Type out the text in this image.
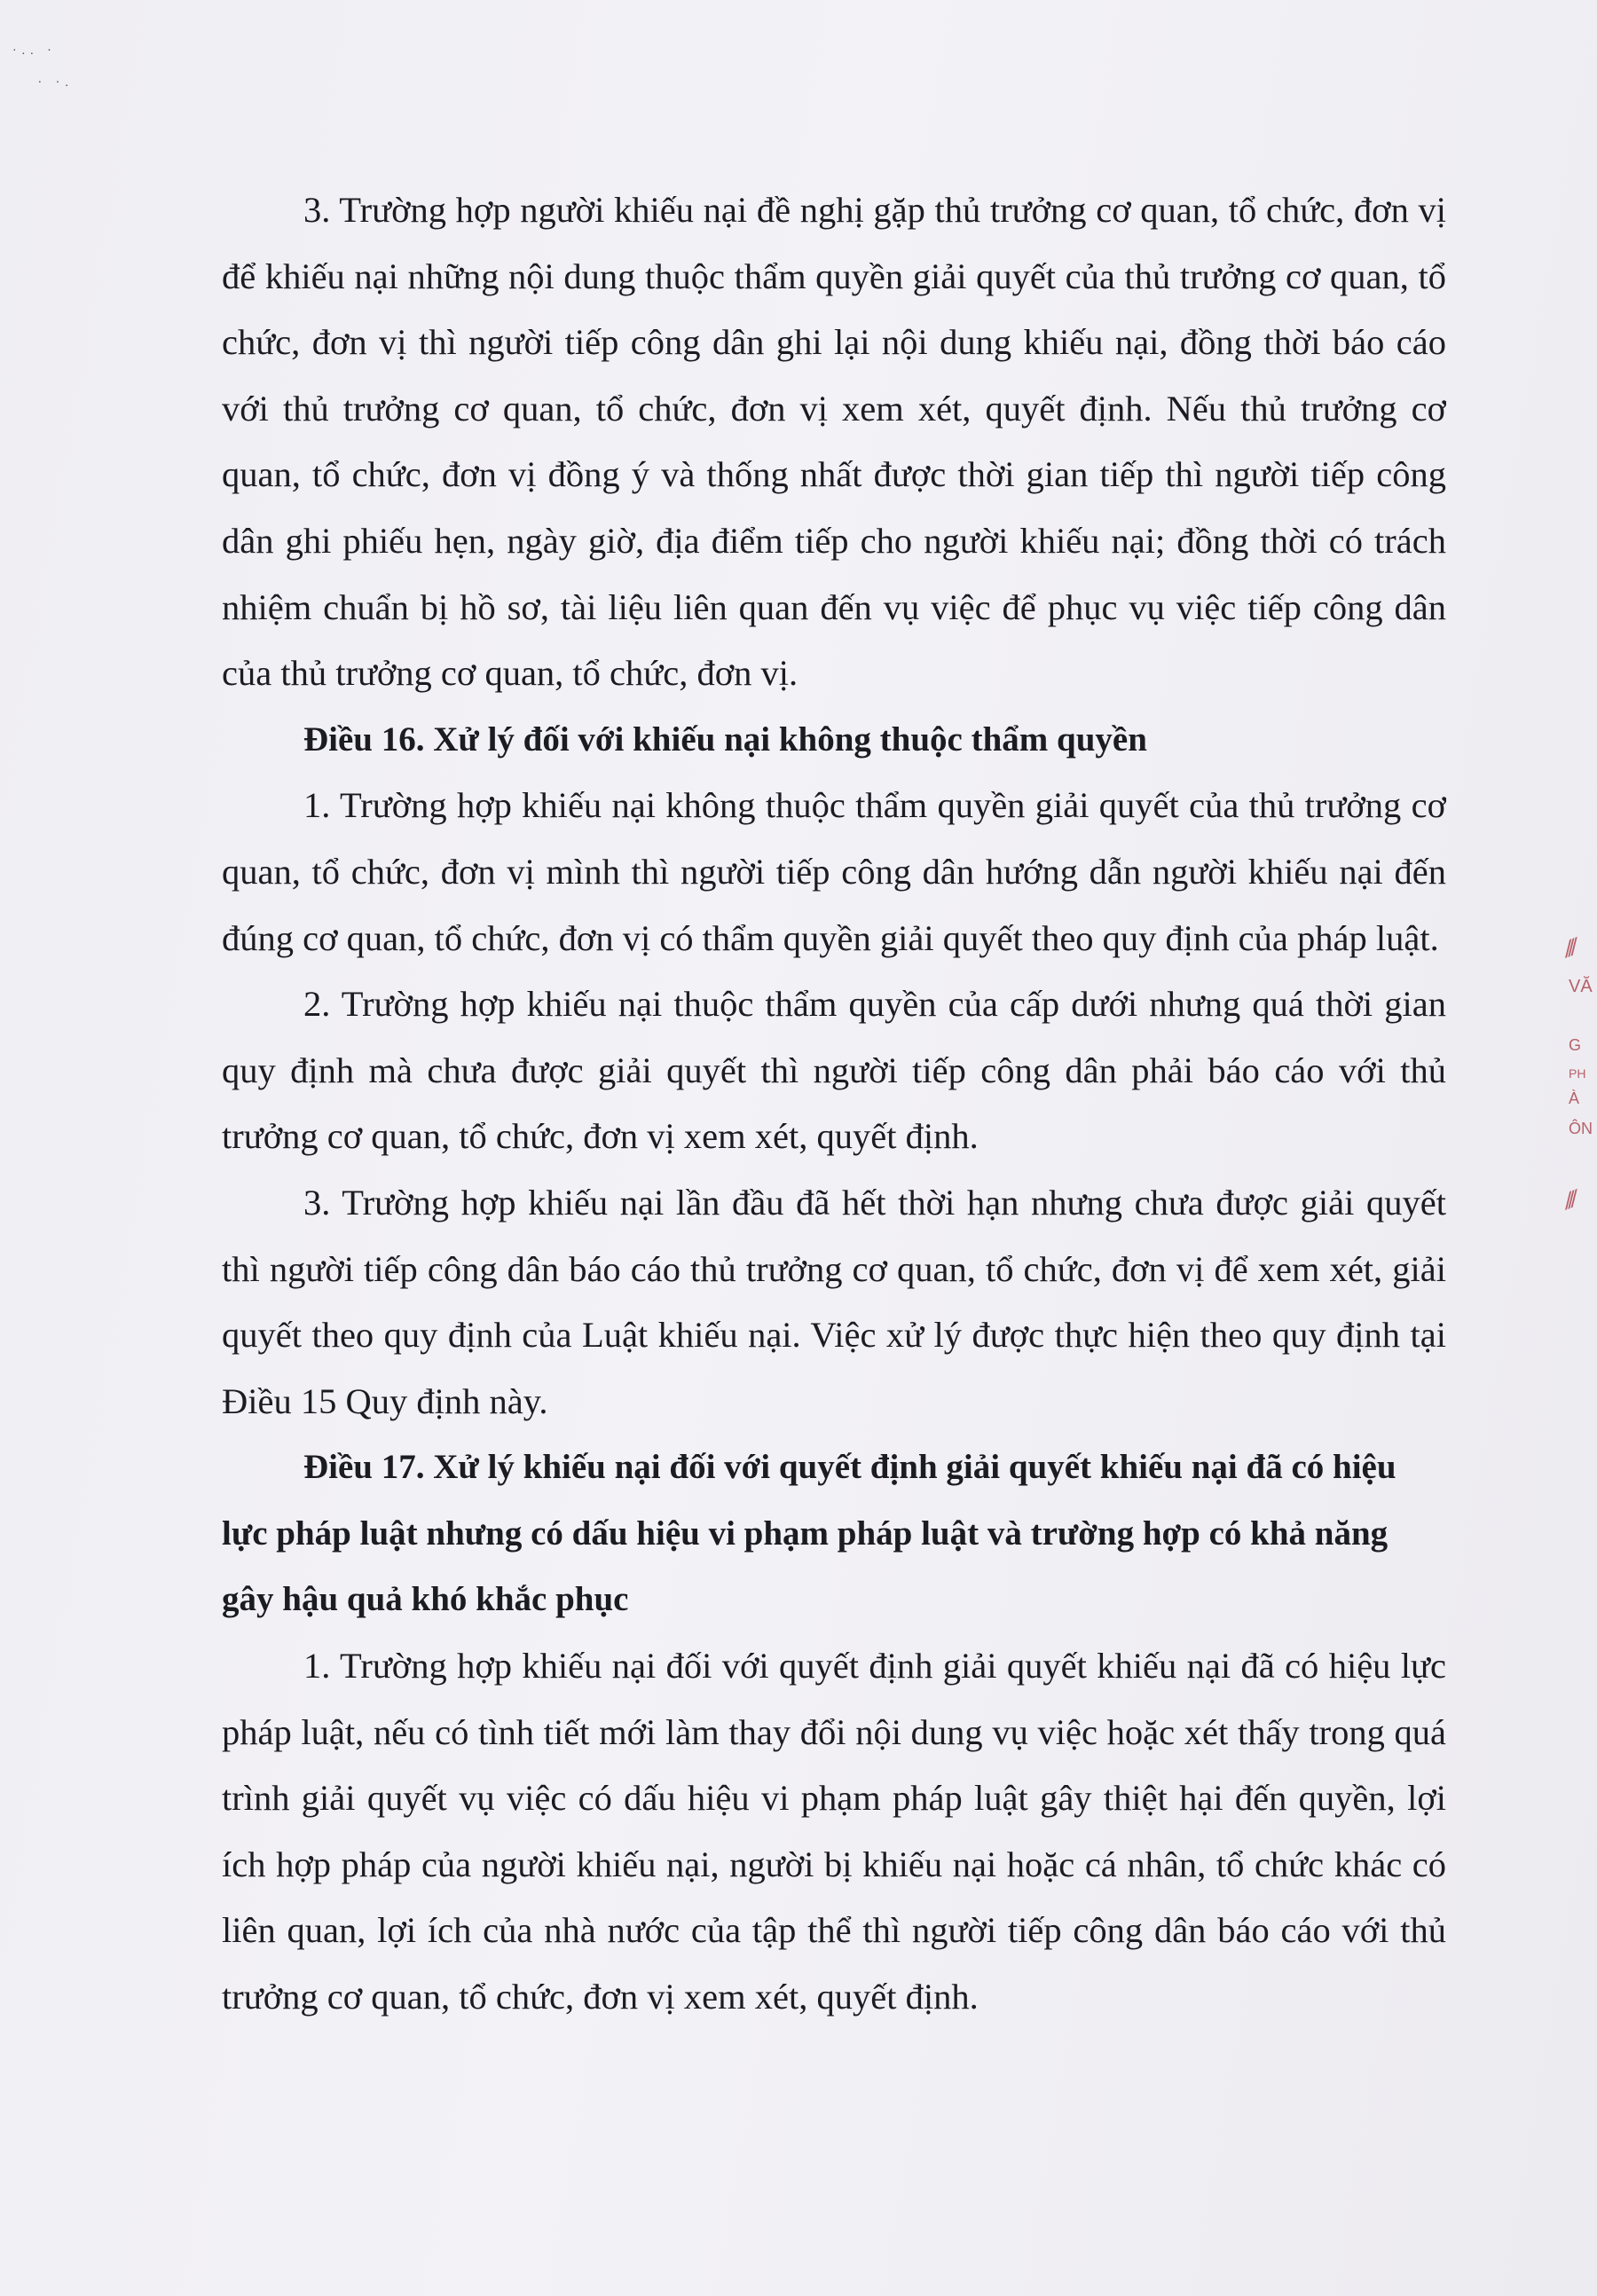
·.. ·
· ·.

3. Trường hợp người khiếu nại đề nghị gặp thủ trưởng cơ quan, tổ chức, đơn vị để khiếu nại những nội dung thuộc thẩm quyền giải quyết của thủ trưởng cơ quan, tổ chức, đơn vị thì người tiếp công dân ghi lại nội dung khiếu nại, đồng thời báo cáo với thủ trưởng cơ quan, tổ chức, đơn vị xem xét, quyết định. Nếu thủ trưởng cơ quan, tổ chức, đơn vị đồng ý và thống nhất được thời gian tiếp thì người tiếp công dân ghi phiếu hẹn, ngày giờ, địa điểm tiếp cho người khiếu nại; đồng thời có trách nhiệm chuẩn bị hồ sơ, tài liệu liên quan đến vụ việc để phục vụ việc tiếp công dân của thủ trưởng cơ quan, tổ chức, đơn vị.

Điều 16. Xử lý đối với khiếu nại không thuộc thẩm quyền

1. Trường hợp khiếu nại không thuộc thẩm quyền giải quyết của thủ trưởng cơ quan, tổ chức, đơn vị mình thì người tiếp công dân hướng dẫn người khiếu nại đến đúng cơ quan, tổ chức, đơn vị có thẩm quyền giải quyết theo quy định của pháp luật.

2. Trường hợp khiếu nại thuộc thẩm quyền của cấp dưới nhưng quá thời gian quy định mà chưa được giải quyết thì người tiếp công dân phải báo cáo với thủ trưởng cơ quan, tổ chức, đơn vị xem xét, quyết định.

3. Trường hợp khiếu nại lần đầu đã hết thời hạn nhưng chưa được giải quyết thì người tiếp công dân báo cáo thủ trưởng cơ quan, tổ chức, đơn vị để xem xét, giải quyết theo quy định của Luật khiếu nại. Việc xử lý được thực hiện theo quy định tại Điều 15 Quy định này.

Điều 17. Xử lý khiếu nại đối với quyết định giải quyết khiếu nại đã có hiệu lực pháp luật nhưng có dấu hiệu vi phạm pháp luật và trường hợp có khả năng gây hậu quả khó khắc phục

1. Trường hợp khiếu nại đối với quyết định giải quyết khiếu nại đã có hiệu lực pháp luật, nếu có tình tiết mới làm thay đổi nội dung vụ việc hoặc xét thấy trong quá trình giải quyết vụ việc có dấu hiệu vi phạm pháp luật gây thiệt hại đến quyền, lợi ích hợp pháp của người khiếu nại, người bị khiếu nại hoặc cá nhân, tổ chức khác có liên quan, lợi ích của nhà nước của tập thể thì người tiếp công dân báo cáo với thủ trưởng cơ quan, tổ chức, đơn vị xem xét, quyết định.

///
VĂ
G
PH
À
ÔN
///
